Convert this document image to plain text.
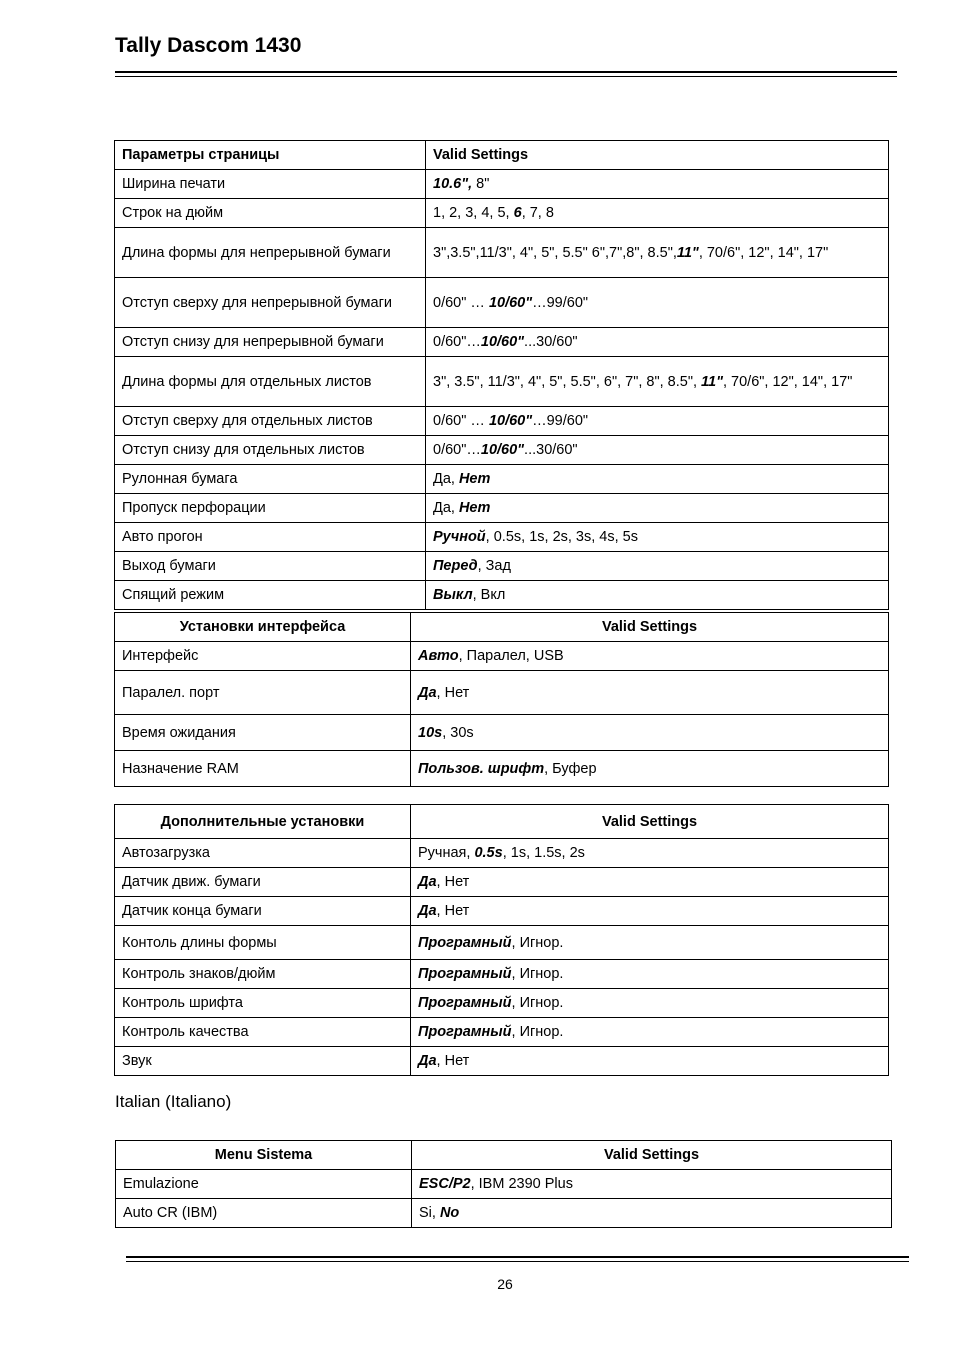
Tally Dascom 1430
Параметры страницы	Valid Settings
Ширина печати	10.6", 8"
Строк на дюйм	1, 2, 3, 4, 5, 6, 7, 8
Длина формы для непрерывной бумаги	3",3.5",11/3", 4", 5", 5.5" 6",7",8", 8.5",11", 70/6", 12", 14", 17"
Отступ сверху для непрерывной бумаги	0/60" … 10/60"…99/60"
Отступ снизу для непрерывной бумаги	0/60"…10/60"...30/60"
Длина формы для отдельных листов	3", 3.5", 11/3", 4", 5", 5.5", 6", 7", 8", 8.5", 11", 70/6", 12", 14", 17"
Отступ сверху для отдельных листов	0/60" … 10/60"…99/60"
Отступ снизу для отдельных листов	0/60"…10/60"...30/60"
Рулонная бумага	Да, Нет
Пропуск перфорации	Да, Нет
Авто прогон	Ручной, 0.5s, 1s, 2s, 3s, 4s, 5s
Выход бумаги	Перед, Зад
Спящий режим	Выкл, Вкл
Установки интерфейса	Valid Settings
Интерфейс	Авто, Паралел, USB
Паралел. порт	Да, Нет
Время ожидания	10s, 30s
Назначение RAM	Пользов. шрифт, Буфер
Дополнительные установки	Valid Settings
Автозагрузка	Ручная, 0.5s, 1s, 1.5s, 2s
Датчик движ. бумаги	Да, Нет
Датчик конца бумаги	Да, Нет
Контоль длины формы	Програмный, Игнор.
Контроль знаков/дюйм	Програмный, Игнор.
Контроль шрифта	Програмный, Игнор.
Контроль качества	Програмный, Игнор.
Звук	Да, Нет
Italian (Italiano)
Menu Sistema	Valid Settings
Emulazione	ESC/P2, IBM 2390 Plus
Auto CR (IBM)	Si, No
26
